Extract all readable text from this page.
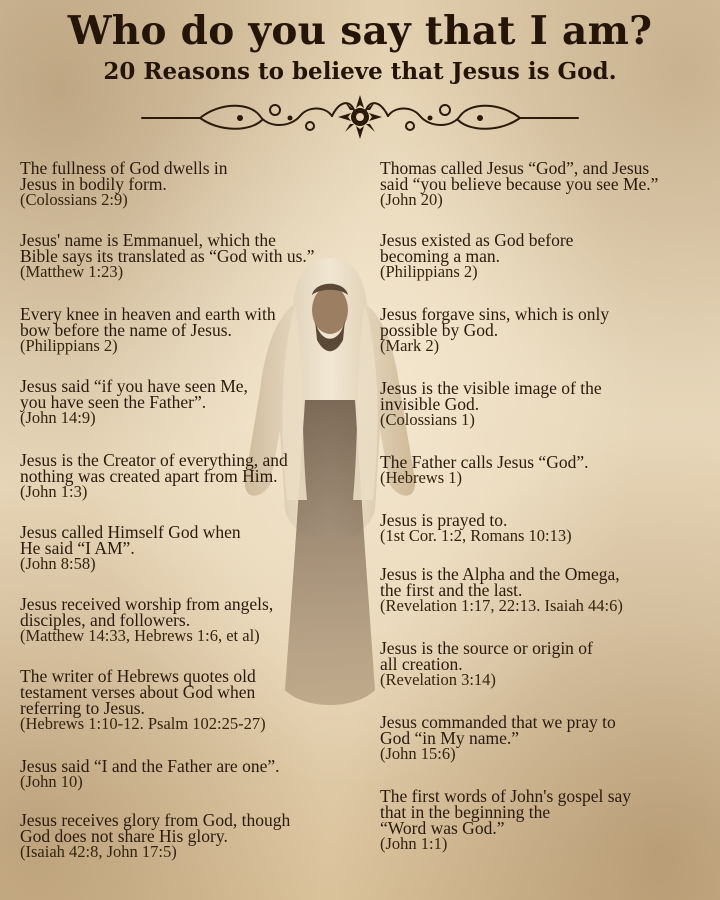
Who do you say that I am?
20 Reasons to believe that Jesus is God.
The fullness of God dwells in
Jesus in bodily form.
(Colossians 2:9)
Jesus' name is Emmanuel, which the
Bible says its translated as “God with us.”
(Matthew 1:23)
Every knee in heaven and earth with
bow before the name of Jesus.
(Philippians 2)
Jesus said “if you have seen Me,
you have seen the Father”.
(John 14:9)
Jesus is the Creator of everything, and
nothing was created apart from Him.
(John 1:3)
Jesus called Himself God when
He said “I AM”.
(John 8:58)
Jesus received worship from angels,
disciples, and followers.
(Matthew 14:33, Hebrews 1:6, et al)
The writer of Hebrews quotes old
testament verses about God when
referring to Jesus.
(Hebrews 1:10-12. Psalm 102:25-27)
Jesus said “I and the Father are one”.
(John 10)
Jesus receives glory from God, though
God does not share His glory.
(Isaiah 42:8, John 17:5)
Thomas called Jesus “God”, and Jesus
said “you believe because you see Me.”
(John 20)
Jesus existed as God before
becoming a man.
(Philippians 2)
Jesus forgave sins, which is only
possible by God.
(Mark 2)
Jesus is the visible image of the
invisible God.
(Colossians 1)
The Father calls Jesus “God”.
(Hebrews 1)
Jesus is prayed to.
(1st Cor. 1:2, Romans 10:13)
Jesus is the Alpha and the Omega,
the first and the last.
(Revelation 1:17, 22:13. Isaiah 44:6)
Jesus is the source or origin of
all creation.
(Revelation 3:14)
Jesus commanded that we pray to
God “in My name.”
(John 15:6)
The first words of John's gospel say
that in the beginning the
“Word was God.”
(John 1:1)
